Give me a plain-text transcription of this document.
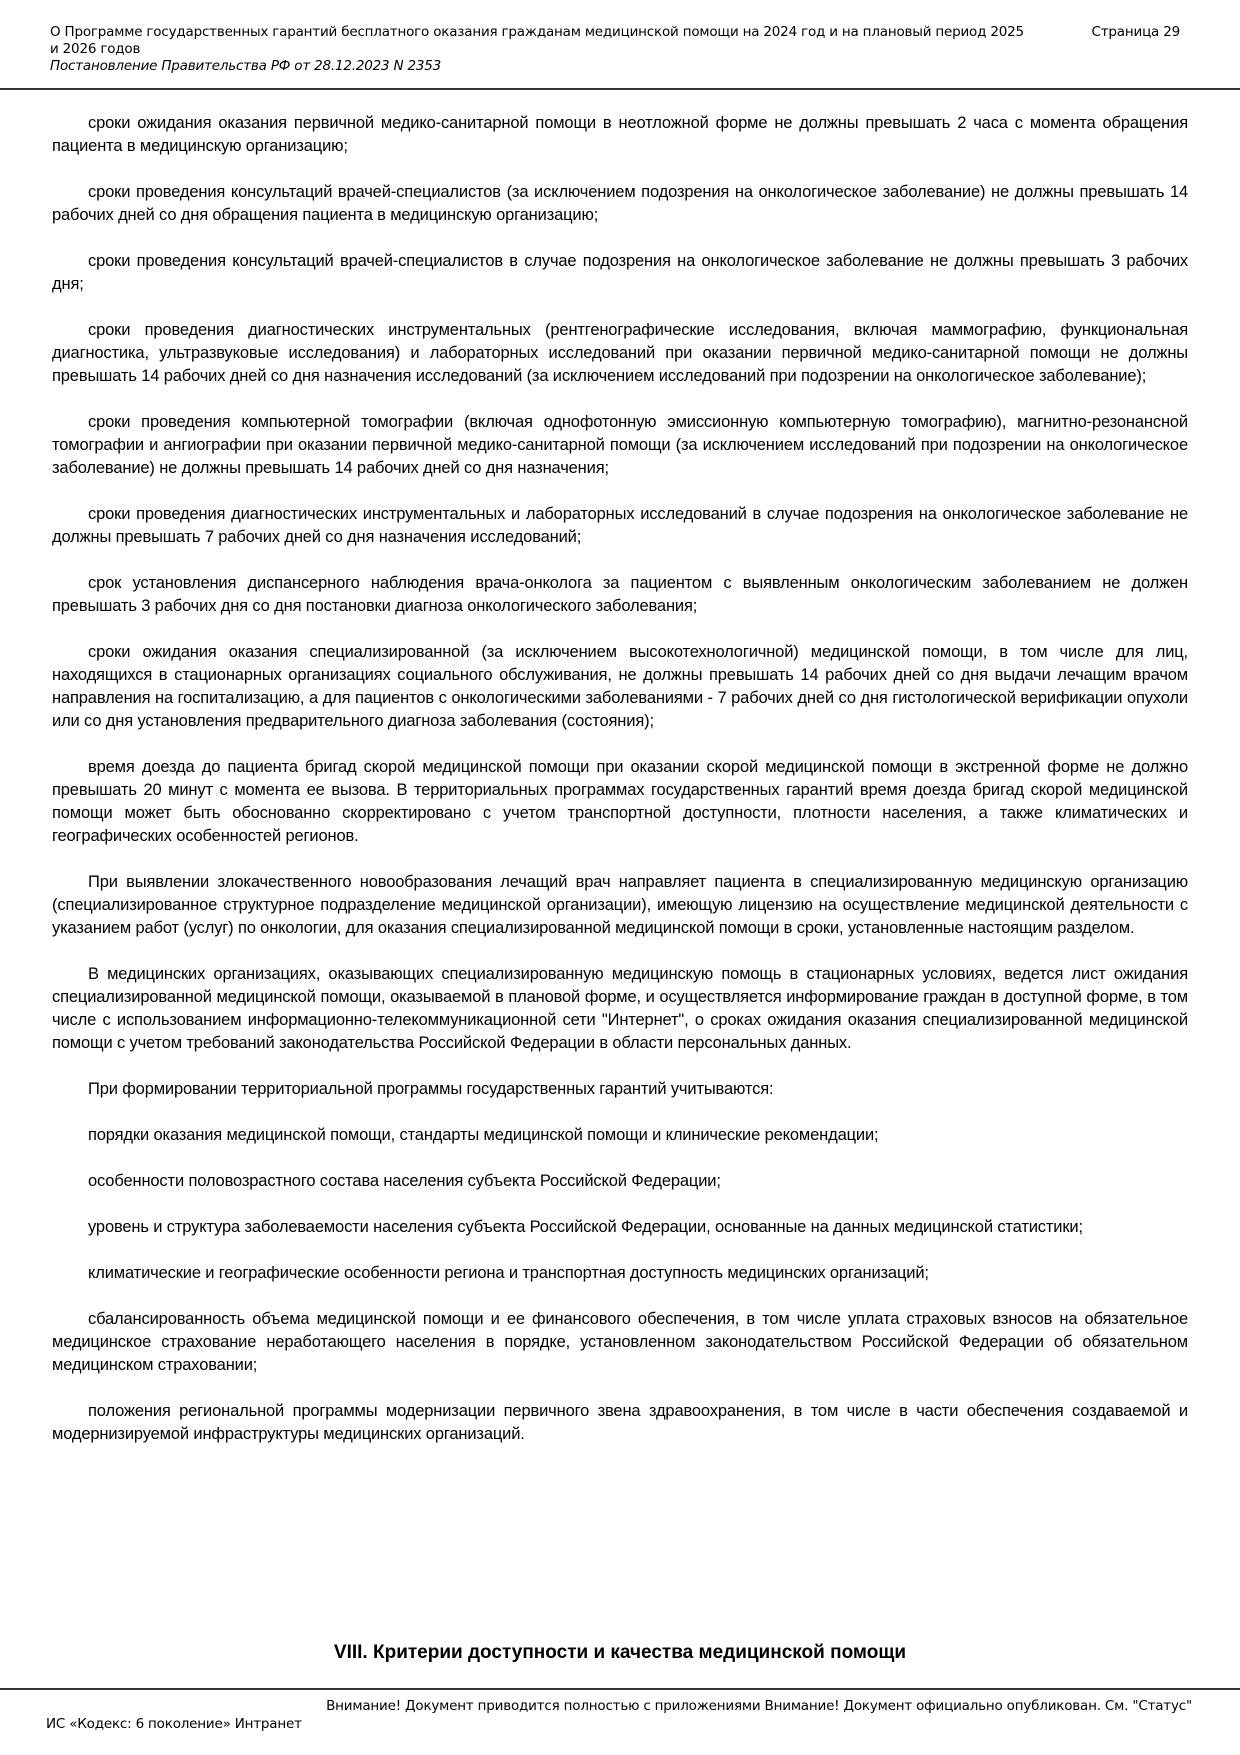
О Программе государственных гарантий бесплатного оказания гражданам медицинской помощи на 2024 год и на плановый период 2025 и 2026 годов
Страница 29
Постановление Правительства РФ от 28.12.2023 N 2353

сроки ожидания оказания первичной медико-санитарной помощи в неотложной форме не должны превышать 2 часа с момента обращения пациента в медицинскую организацию;

сроки проведения консультаций врачей-специалистов (за исключением подозрения на онкологическое заболевание) не должны превышать 14 рабочих дней со дня обращения пациента в медицинскую организацию;

сроки проведения консультаций врачей-специалистов в случае подозрения на онкологическое заболевание не должны превышать 3 рабочих дня;

сроки проведения диагностических инструментальных (рентгенографические исследования, включая маммографию, функциональная диагностика, ультразвуковые исследования) и лабораторных исследований при оказании первичной медико-санитарной помощи не должны превышать 14 рабочих дней со дня назначения исследований (за исключением исследований при подозрении на онкологическое заболевание);

сроки проведения компьютерной томографии (включая однофотонную эмиссионную компьютерную томографию), магнитно-резонансной томографии и ангиографии при оказании первичной медико-санитарной помощи (за исключением исследований при подозрении на онкологическое заболевание) не должны превышать 14 рабочих дней со дня назначения;

сроки проведения диагностических инструментальных и лабораторных исследований в случае подозрения на онкологическое заболевание не должны превышать 7 рабочих дней со дня назначения исследований;

срок установления диспансерного наблюдения врача-онколога за пациентом с выявленным онкологическим заболеванием не должен превышать 3 рабочих дня со дня постановки диагноза онкологического заболевания;

сроки ожидания оказания специализированной (за исключением высокотехнологичной) медицинской помощи, в том числе для лиц, находящихся в стационарных организациях социального обслуживания, не должны превышать 14 рабочих дней со дня выдачи лечащим врачом направления на госпитализацию, а для пациентов с онкологическими заболеваниями - 7 рабочих дней со дня гистологической верификации опухоли или со дня установления предварительного диагноза заболевания (состояния);

время доезда до пациента бригад скорой медицинской помощи при оказании скорой медицинской помощи в экстренной форме не должно превышать 20 минут с момента ее вызова. В территориальных программах государственных гарантий время доезда бригад скорой медицинской помощи может быть обоснованно скорректировано с учетом транспортной доступности, плотности населения, а также климатических и географических особенностей регионов.

При выявлении злокачественного новообразования лечащий врач направляет пациента в специализированную медицинскую организацию (специализированное структурное подразделение медицинской организации), имеющую лицензию на осуществление медицинской деятельности с указанием работ (услуг) по онкологии, для оказания специализированной медицинской помощи в сроки, установленные настоящим разделом.

В медицинских организациях, оказывающих специализированную медицинскую помощь в стационарных условиях, ведется лист ожидания специализированной медицинской помощи, оказываемой в плановой форме, и осуществляется информирование граждан в доступной форме, в том числе с использованием информационно-телекоммуникационной сети "Интернет", о сроках ожидания оказания специализированной медицинской помощи с учетом требований законодательства Российской Федерации в области персональных данных.

При формировании территориальной программы государственных гарантий учитываются:

порядки оказания медицинской помощи, стандарты медицинской помощи и клинические рекомендации;

особенности половозрастного состава населения субъекта Российской Федерации;

уровень и структура заболеваемости населения субъекта Российской Федерации, основанные на данных медицинской статистики;

климатические и географические особенности региона и транспортная доступность медицинских организаций;

сбалансированность объема медицинской помощи и ее финансового обеспечения, в том числе уплата страховых взносов на обязательное медицинское страхование неработающего населения в порядке, установленном законодательством Российской Федерации об обязательном медицинском страховании;

положения региональной программы модернизации первичного звена здравоохранения, в том числе в части обеспечения создаваемой и модернизируемой инфраструктуры медицинских организаций.

VIII. Критерии доступности и качества медицинской помощи
Внимание! Документ приводится полностью с приложениями Внимание! Документ официально опубликован. См. "Статус"
ИС «Кодекс: 6 поколение» Интранет
